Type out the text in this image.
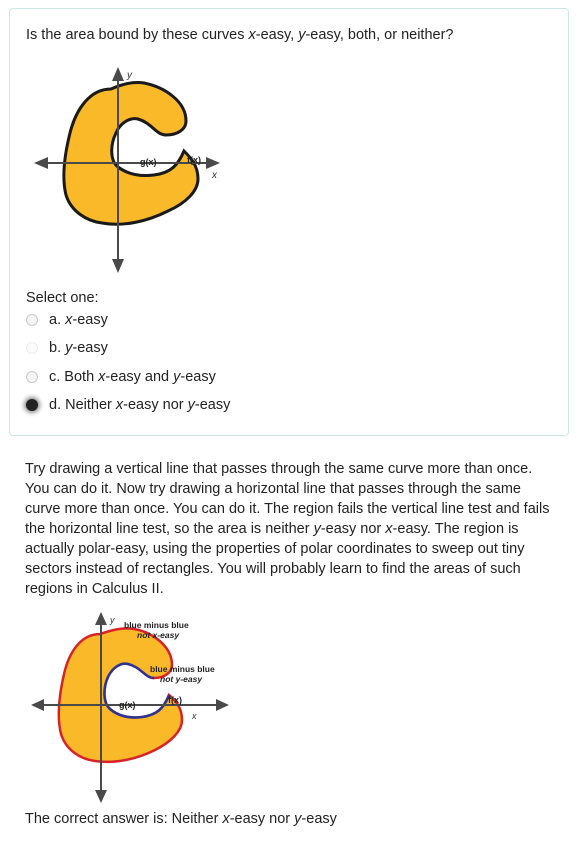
Is the area bound by these curves x-easy, y-easy, both, or neither?
y
x
g(x)	f(x)
Select one:
a. x-easy
b. y-easy
c. Both x-easy and y-easy
d. Neither x-easy nor y-easy
Try drawing a vertical line that passes through the same curve more than once. You can do it. Now try drawing a horizontal line that passes through the same curve more than once. You can do it. The region fails the vertical line test and fails the horizontal line test, so the area is neither y-easy nor x-easy. The region is actually polar-easy, using the properties of polar coordinates to sweep out tiny sectors instead of rectangles. You will probably learn to find the areas of such regions in Calculus II.
y
x
g(x)	f(x)
blue minus blue
not x-easy
blue minus blue
not y-easy
The correct answer is: Neither x-easy nor y-easy
